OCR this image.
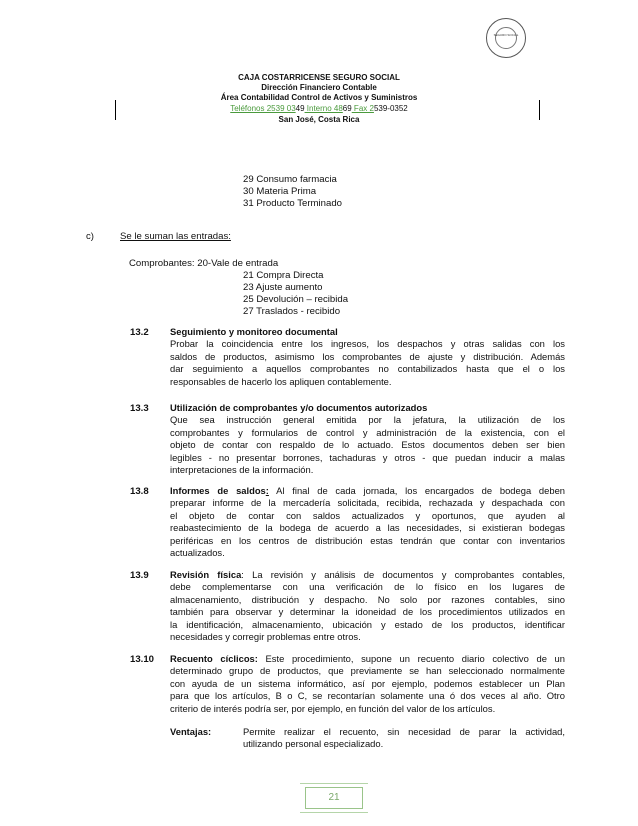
SEGURO SOCIAL
CAJA COSTARRICENSE SEGURO SOCIAL
Dirección Financiero Contable
Área Contabilidad Control de Activos y Suministros
Teléfonos 2539 0349 Interno 4869 Fax 2539-0352
San José, Costa Rica
29 Consumo farmacia
30 Materia Prima
31 Producto Terminado
c)	Se le suman las entradas:
Comprobantes: 20-Vale de entrada
21 Compra Directa
23 Ajuste aumento
25 Devolución – recibida
27 Traslados - recibido
13.2 Seguimiento y monitoreo documental
Probar la coincidencia entre los ingresos, los despachos y otras salidas con los
saldos de productos, asimismo los comprobantes de ajuste y distribución. Además
dar seguimiento a aquellos comprobantes no contabilizados hasta que el o los
responsables de hacerlo los apliquen contablemente.
13.3 Utilización de comprobantes y/o documentos autorizados
Que sea instrucción general emitida por la jefatura, la utilización de los
comprobantes y formularios de control y administración de la existencia, con el
objeto de contar con respaldo de lo actuado. Estos documentos deben ser bien
legibles - no presentar borrones, tachaduras y otros - que puedan inducir a malas
interpretaciones de la información.
13.8 Informes de saldos: Al final de cada jornada, los encargados de bodega deben
preparar informe de la mercadería solicitada, recibida, rechazada y despachada con
el objeto de contar con saldos actualizados y oportunos, que ayuden al
reabastecimiento de la bodega de acuerdo a las necesidades, si existieran bodegas
periféricas en los centros de distribución estas tendrán que contar con inventarios
actualizados.
13.9 Revisión física: La revisión y análisis de documentos y comprobantes contables,
debe complementarse con una verificación de lo físico en los lugares de
almacenamiento, distribución y despacho. No solo por razones contables, sino
también para observar y determinar la idoneidad de los procedimientos utilizados en
la identificación, almacenamiento, ubicación y estado de los productos, identificar
necesidades y corregir problemas entre otros.
13.10 Recuento cíclicos: Este procedimiento, supone un recuento diario colectivo de un
determinado grupo de productos, que previamente se han seleccionado normalmente
con ayuda de un sistema informático, así por ejemplo, podemos establecer un Plan
para que los artículos, B o C, se recontarían solamente una ó dos veces al año. Otro
criterio de interés podría ser, por ejemplo, en función del valor de los artículos.
Ventajas:	Permite realizar el recuento, sin necesidad de parar la actividad,
utilizando personal especializado.
21
